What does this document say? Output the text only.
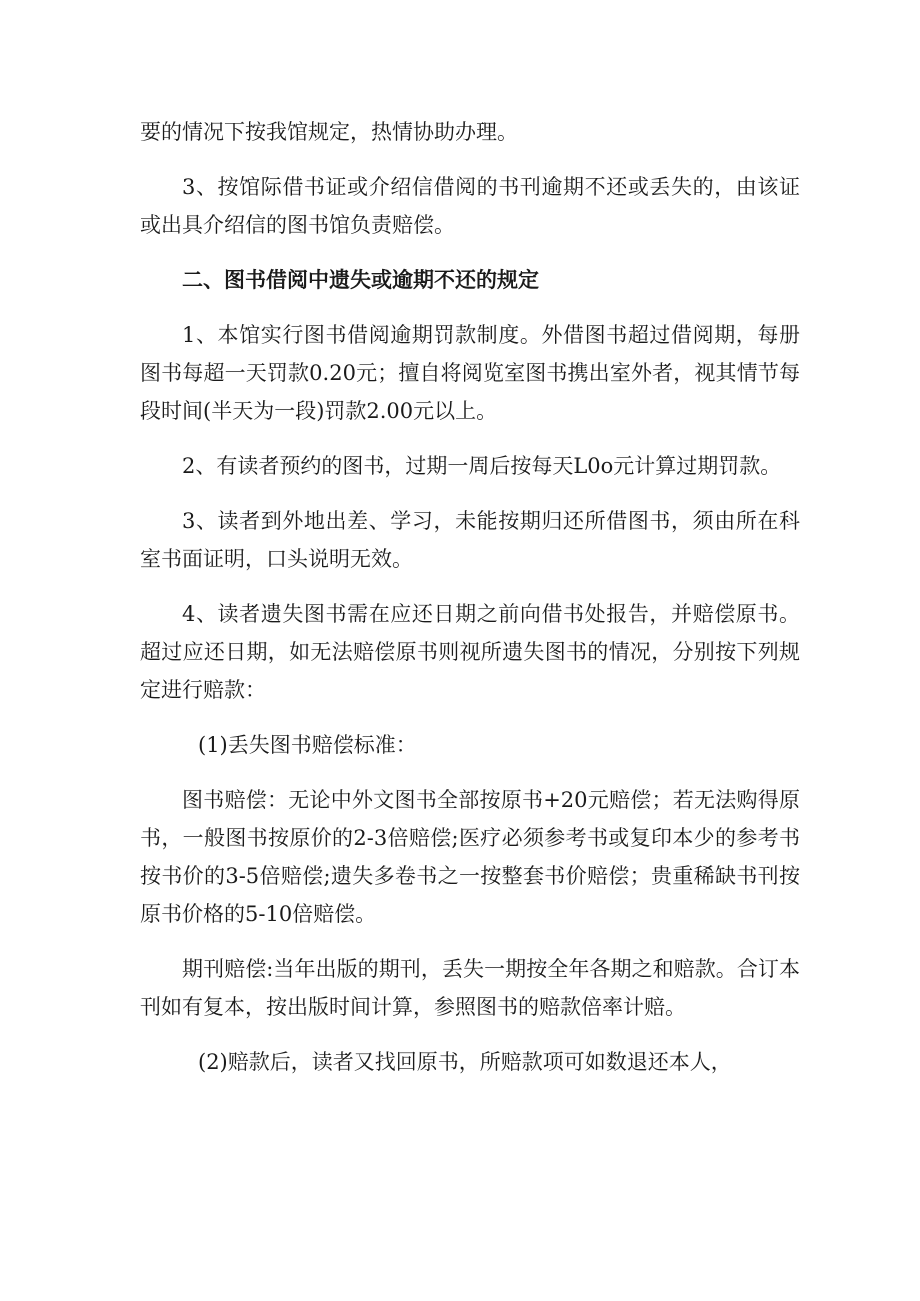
要的情况下按我馆规定，热情协助办理。

3、按馆际借书证或介绍信借阅的书刊逾期不还或丢失的，由该证或出具介绍信的图书馆负责赔偿。

二、图书借阅中遗失或逾期不还的规定

1、本馆实行图书借阅逾期罚款制度。外借图书超过借阅期，每册图书每超一天罚款0.20元；擅自将阅览室图书携出室外者，视其情节每段时间(半天为一段)罚款2.00元以上。

2、有读者预约的图书，过期一周后按每天L0o元计算过期罚款。

3、读者到外地出差、学习，未能按期归还所借图书，须由所在科室书面证明，口头说明无效。

4、读者遗失图书需在应还日期之前向借书处报告，并赔偿原书。超过应还日期，如无法赔偿原书则视所遗失图书的情况，分别按下列规定进行赔款：

(1)丢失图书赔偿标准：

图书赔偿：无论中外文图书全部按原书+20元赔偿；若无法购得原书，一般图书按原价的2-3倍赔偿;医疗必须参考书或复印本少的参考书按书价的3-5倍赔偿;遗失多卷书之一按整套书价赔偿；贵重稀缺书刊按原书价格的5-10倍赔偿。

期刊赔偿:当年出版的期刊，丢失一期按全年各期之和赔款。合订本刊如有复本，按出版时间计算，参照图书的赔款倍率计赔。

(2)赔款后，读者又找回原书，所赔款项可如数退还本人，
